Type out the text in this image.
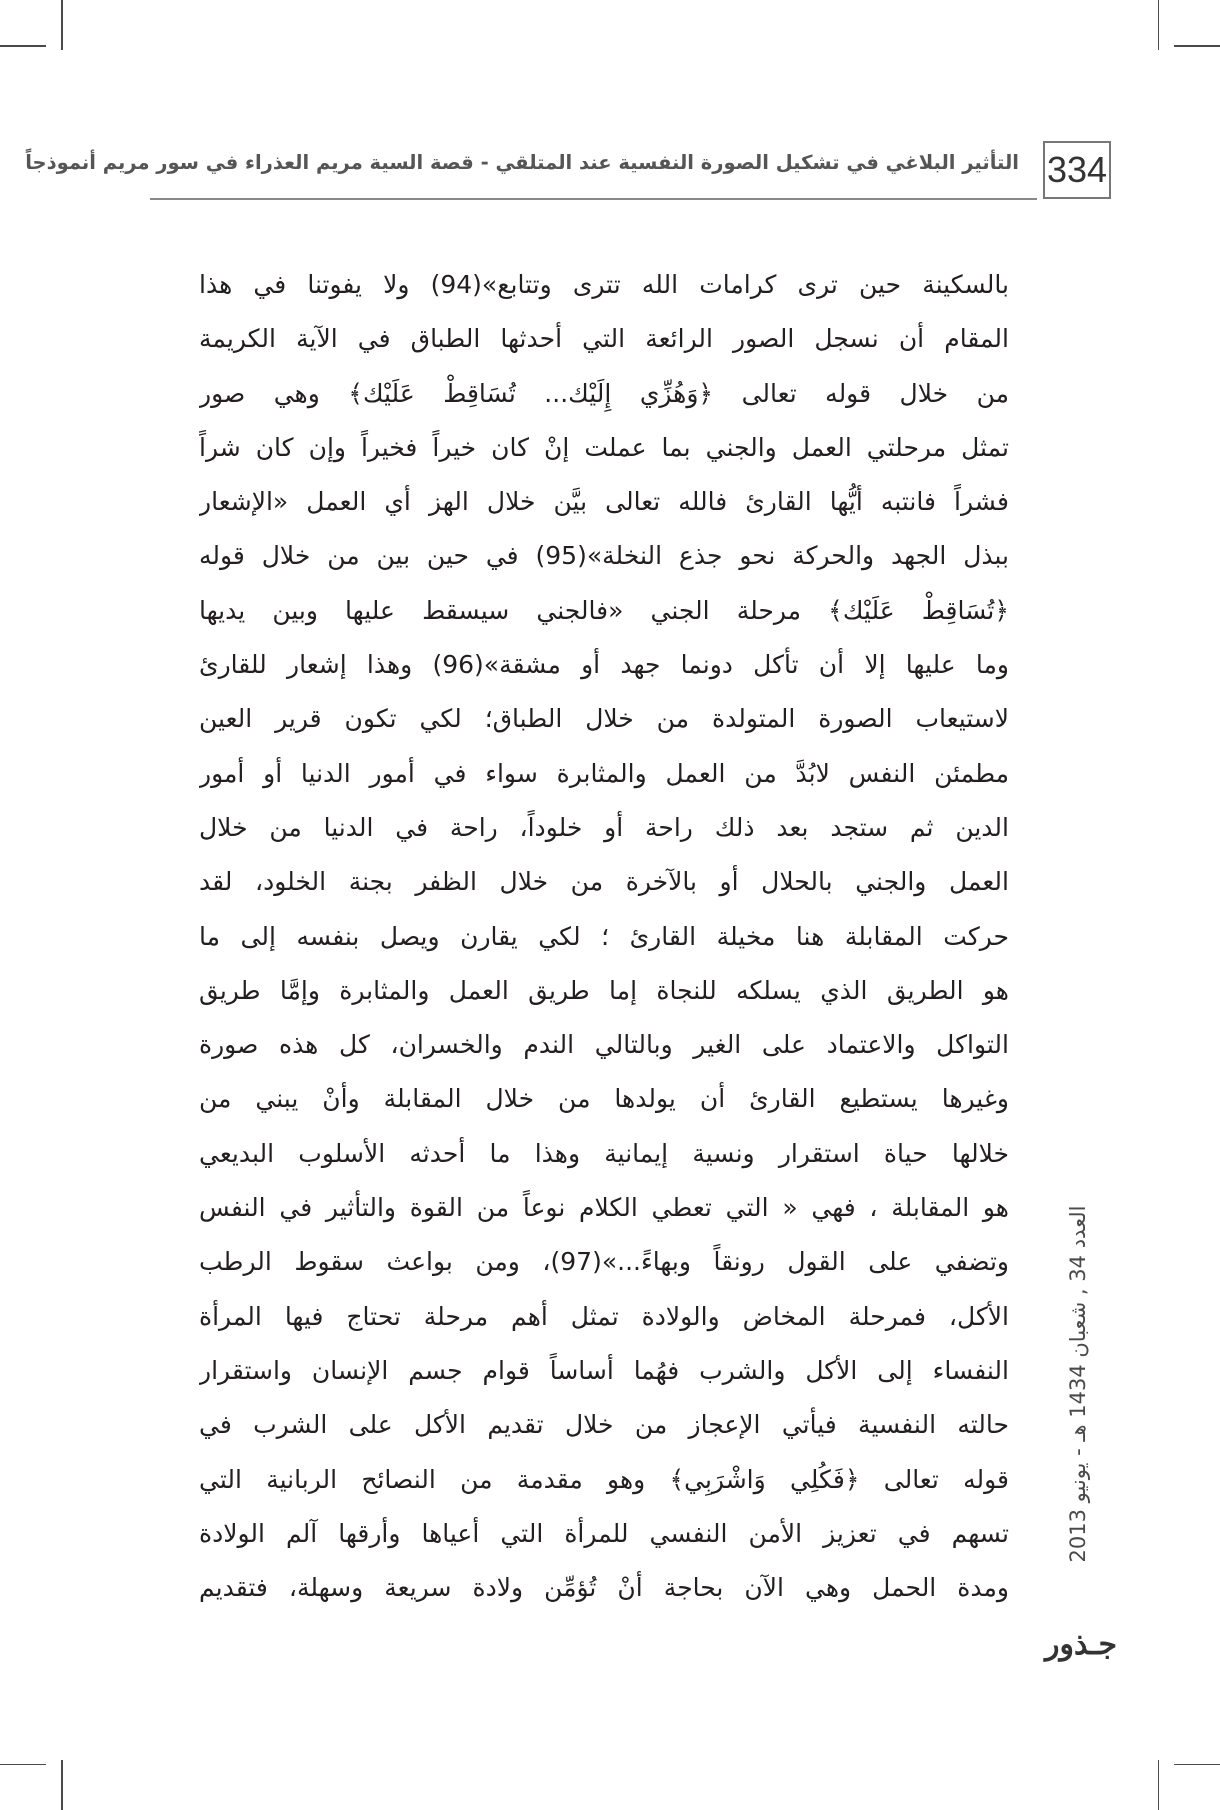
334
التأثير البلاغي في تشكيل الصورة النفسية عند المتلقي - قصة السية مريم العذراء في سور مريم أنموذجاً
بالسكينة حين ترى كرامات الله تترى وتتابع»(94) ولا يفوتنا في هذا
المقام أن نسجل الصور الرائعة التي أحدثها الطباق في الآية الكريمة
من خلال قوله تعالى ﴿وَهُزِّي إِلَيْك... تُسَاقِطْ عَلَيْك﴾ وهي صور
تمثل مرحلتي العمل والجني بما عملت إنْ كان خيراً فخيراً وإن كان شراً
فشراً فانتبه أيُّها القارئ فالله تعالى بيَّن خلال الهز أي العمل «الإشعار
ببذل الجهد والحركة نحو جذع النخلة»(95) في حين بين من خلال قوله
﴿تُسَاقِطْ عَلَيْك﴾ مرحلة الجني «فالجني سيسقط عليها وبين يديها
وما عليها إلا أن تأكل دونما جهد أو مشقة»(96) وهذا إشعار للقارئ
لاستيعاب الصورة المتولدة من خلال الطباق؛ لكي تكون قرير العين
مطمئن النفس لابُدَّ من العمل والمثابرة سواء في أمور الدنيا أو أمور
الدين ثم ستجد بعد ذلك راحة أو خلوداً، راحة في الدنيا من خلال
العمل والجني بالحلال أو بالآخرة من خلال الظفر بجنة الخلود، لقد
حركت المقابلة هنا مخيلة القارئ ؛ لكي يقارن ويصل بنفسه إلى ما
هو الطريق الذي يسلكه للنجاة إما طريق العمل والمثابرة وإمَّا طريق
التواكل والاعتماد على الغير وبالتالي الندم والخسران، كل هذه صورة
وغيرها يستطيع القارئ أن يولدها من خلال المقابلة وأنْ يبني من
خلالها حياة استقرار ونسية إيمانية وهذا ما أحدثه الأسلوب البديعي
هو المقابلة ، فهي « التي تعطي الكلام نوعاً من القوة والتأثير في النفس
وتضفي على القول رونقاً وبهاءً...»(97)، ومن بواعث سقوط الرطب
الأكل، فمرحلة المخاض والولادة تمثل أهم مرحلة تحتاج فيها المرأة
النفساء إلى الأكل والشرب فهُما أساساً قوام جسم الإنسان واستقرار
حالته النفسية فيأتي الإعجاز من خلال تقديم الأكل على الشرب في
قوله تعالى ﴿فَكُلِي وَاشْرَبِي﴾ وهو مقدمة من النصائح الربانية التي
تسهم في تعزيز الأمن النفسي للمرأة التي أعياها وأرقها آلم الولادة
ومدة الحمل وهي الآن بحاجة أنْ تُؤمِّن ولادة سريعة وسهلة، فتقديم
العدد 34 , شعبان 1434 هـ - يونيو 2013
جـذور
